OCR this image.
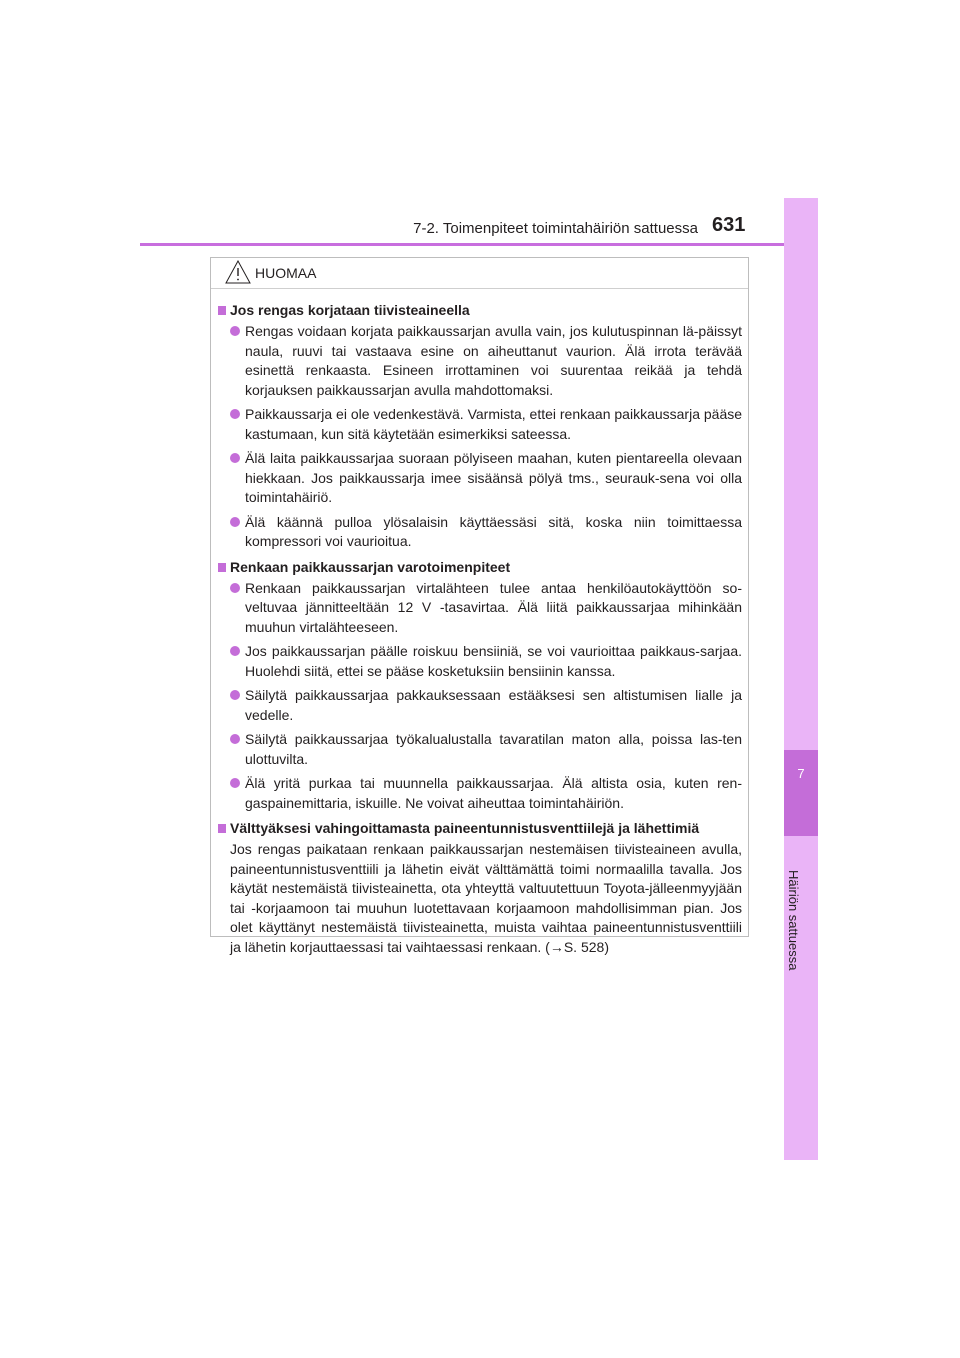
7-2. Toimenpiteet toimintahäiriön sattuessa 631
7
Häiriön sattuessa
HUOMAA
Jos rengas korjataan tiivisteaineella
Rengas voidaan korjata paikkaussarjan avulla vain, jos kulutuspinnan lä-päissyt naula, ruuvi tai vastaava esine on aiheuttanut vaurion. Älä irrota terävää esinettä renkaasta. Esineen irrottaminen voi suurentaa reikää ja tehdä korjauksen paikkaussarjan avulla mahdottomaksi.
Paikkaussarja ei ole vedenkestävä. Varmista, ettei renkaan paikkaussarja pääse kastumaan, kun sitä käytetään esimerkiksi sateessa.
Älä laita paikkaussarjaa suoraan pölyiseen maahan, kuten pientareella olevaan hiekkaan. Jos paikkaussarja imee sisäänsä pölyä tms., seurauk-sena voi olla toimintahäiriö.
Älä käännä pulloa ylösalaisin käyttäessäsi sitä, koska niin toimittaessa kompressori voi vaurioitua.
Renkaan paikkaussarjan varotoimenpiteet
Renkaan paikkaussarjan virtalähteen tulee antaa henkilöautokäyttöön so-veltuvaa jännitteeltään 12 V -tasavirtaa. Älä liitä paikkaussarjaa mihinkään muuhun virtalähteeseen.
Jos paikkaussarjan päälle roiskuu bensiiniä, se voi vaurioittaa paikkaus-sarjaa. Huolehdi siitä, ettei se pääse kosketuksiin bensiinin kanssa.
Säilytä paikkaussarjaa pakkauksessaan estääksesi sen altistumisen lialle ja vedelle.
Säilytä paikkaussarjaa työkalualustalla tavaratilan maton alla, poissa las-ten ulottuvilta.
Älä yritä purkaa tai muunnella paikkaussarjaa. Älä altista osia, kuten ren-gaspainemittaria, iskuille. Ne voivat aiheuttaa toimintahäiriön.
Välttyäksesi vahingoittamasta paineentunnistusventtiilejä ja lähettimiä
Jos rengas paikataan renkaan paikkaussarjan nestemäisen tiivisteaineen avulla, paineentunnistusventtiili ja lähetin eivät välttämättä toimi normaalilla tavalla. Jos käytät nestemäistä tiivisteainetta, ota yhteyttä valtuutettuun Toyota-jälleenmyyjään tai -korjaamoon tai muuhun luotettavaan korjaamoon mahdollisimman pian. Jos olet käyttänyt nestemäistä tiivisteainetta, muista vaihtaa paineentunnistusventtiili ja lähetin korjauttaessasi tai vaihtaessasi renkaan. (→S. 528)
